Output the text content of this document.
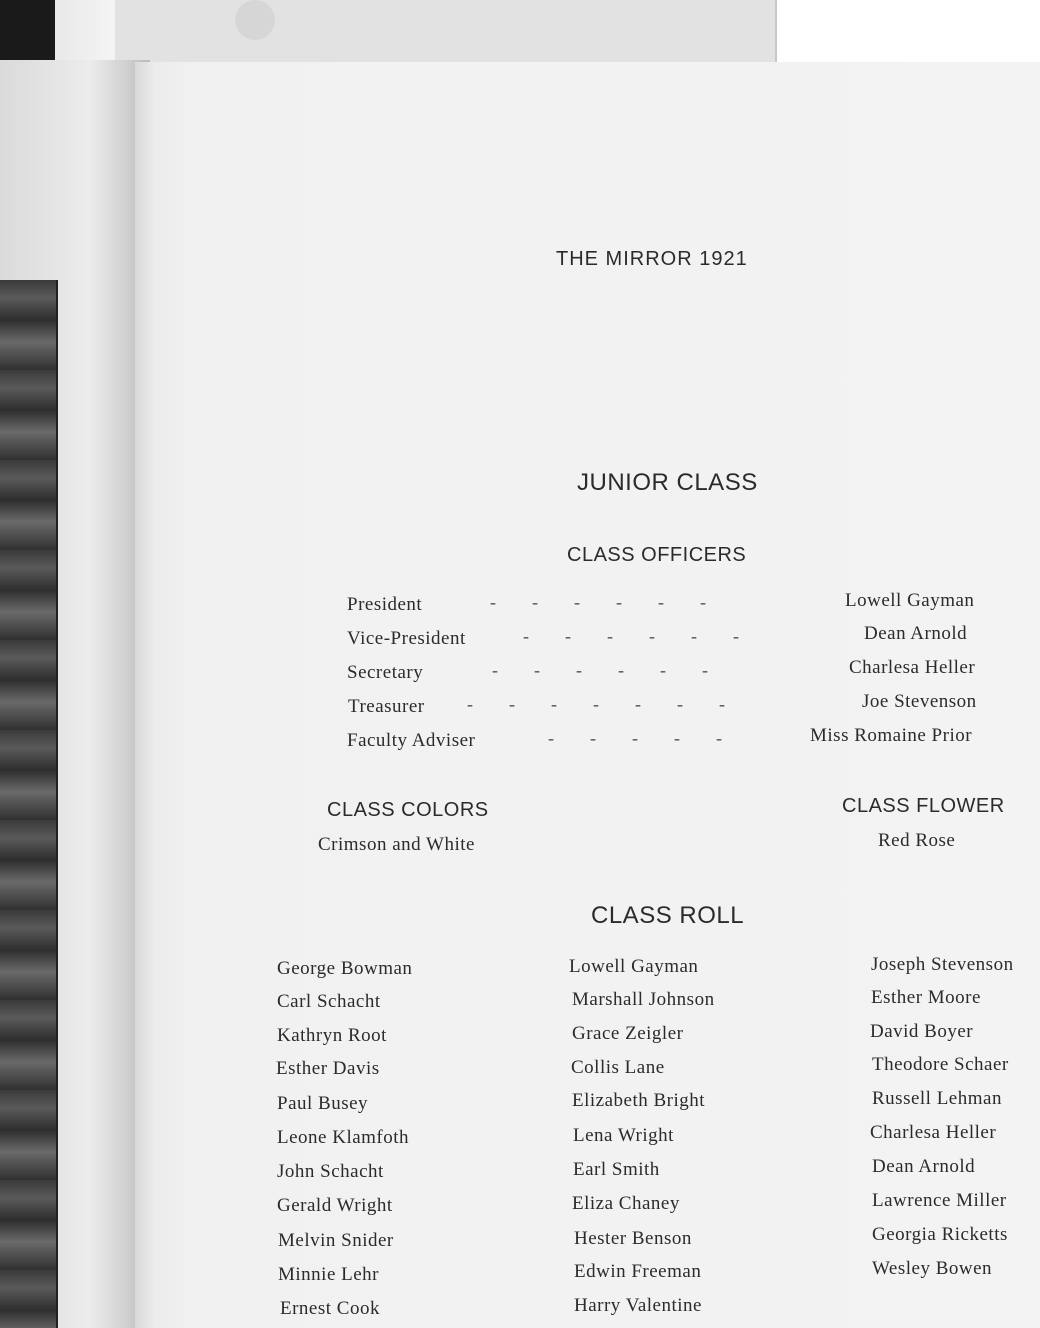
THE MIRROR 1921
JUNIOR CLASS
CLASS OFFICERS
President	-        -        -        -        -        -	Lowell Gayman
Vice-President	-        -        -        -        -        -	Dean Arnold
Secretary	-        -        -        -        -        -	Charlesa Heller
Treasurer -        -        -        -        -        -        -	Joe Stevenson
Faculty Adviser	-        -        -        -        -	Miss Romaine Prior
CLASS COLORS
Crimson and White
CLASS FLOWER
Red Rose
CLASS ROLL
George Bowman
Carl Schacht
Kathryn Root
Esther Davis
Paul Busey
Leone Klamfoth
John Schacht
Gerald Wright
Melvin Snider
Minnie Lehr
Ernest Cook
Lowell Gayman
Marshall Johnson
Grace Zeigler
Collis Lane
Elizabeth Bright
Lena Wright
Earl Smith
Eliza Chaney
Hester Benson
Edwin Freeman
Harry Valentine
Joseph Stevenson
Esther Moore
David Boyer
Theodore Schaer
Russell Lehman
Charlesa Heller
Dean Arnold
Lawrence Miller
Georgia Ricketts
Wesley Bowen
